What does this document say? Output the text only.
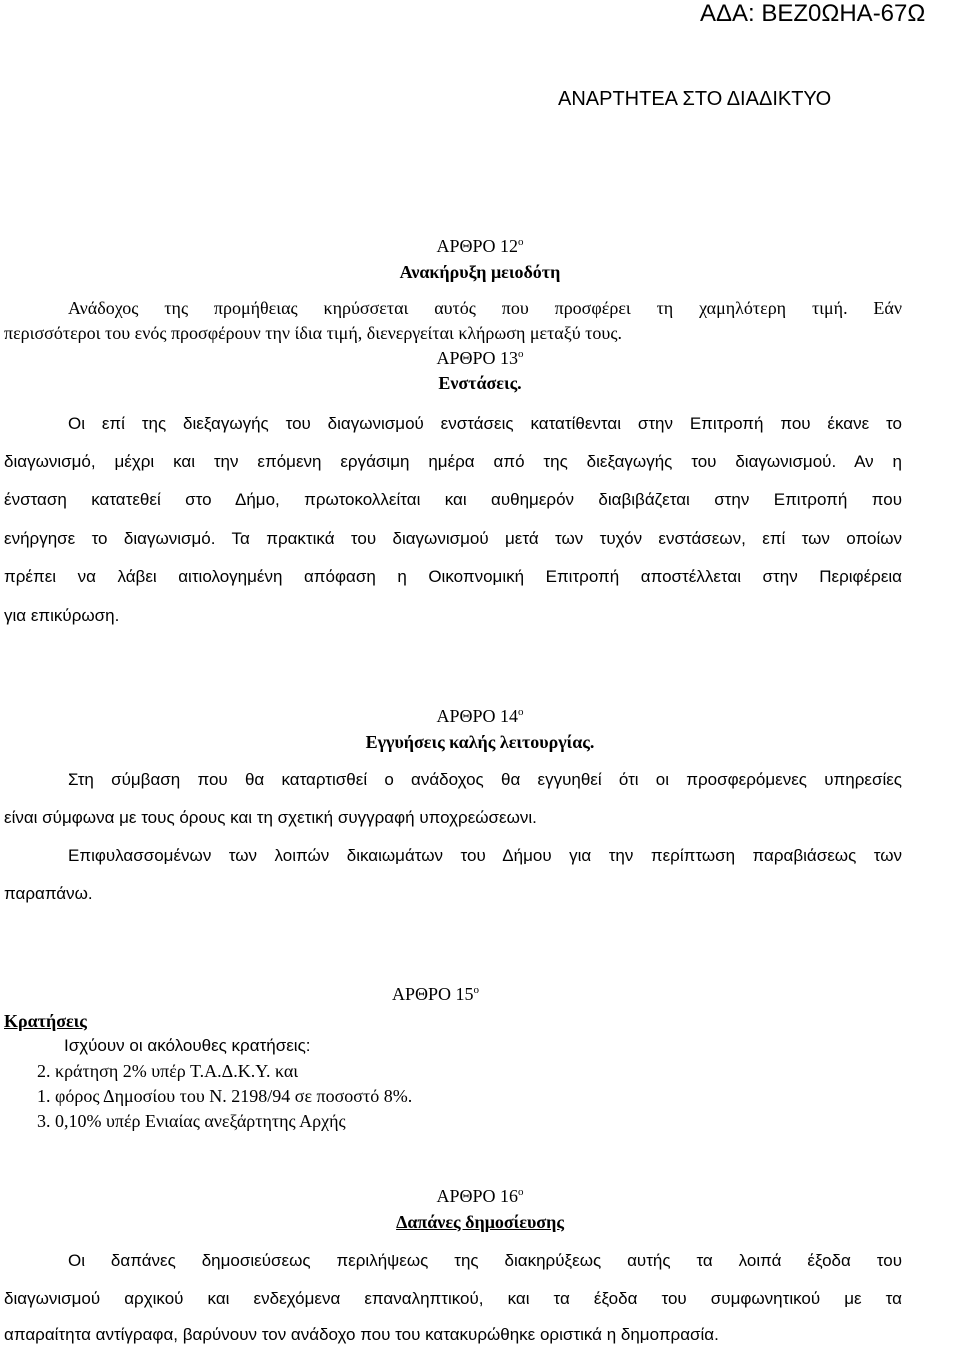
ΑΔΑ: ΒΕΖ0ΩΗΑ-67Ω
ΑΝΑΡΤΗΤΕΑ ΣΤΟ ΔΙΑΔΙΚΤΥΟ
ΑΡΘΡΟ $12^o$
Ανακήρυξη μειοδότη
Ανάδοχος της προμήθειας κηρύσσεται αυτός που προσφέρει τη χαμηλότερη τιμή. Εάν
περισσότεροι του ενός προσφέρουν την ίδια τιμή, διενεργείται κλήρωση μεταξύ τους.
ΑΡΘΡΟ $13^o$
Ενστάσεις.
Οι επί της διεξαγωγής του διαγωνισμού ενστάσεις κατατίθενται στην Επιτροπή που έκανε το
διαγωνισμό, μέχρι και την επόμενη εργάσιμη ημέρα από της διεξαγωγής του διαγωνισμού. Αν η
ένσταση κατατεθεί στο Δήμο, πρωτοκολλείται και αυθημερόν διαβιβάζεται στην Επιτροπή που
ενήργησε το διαγωνισμό. Τα πρακτικά του διαγωνισμού μετά των τυχόν ενστάσεων, επί των οποίων
πρέπει να λάβει αιτιολογημένη απόφαση η Οικοπνομική Επιτροπή αποστέλλεται στην Περιφέρεια
για επικύρωση.
ΑΡΘΡΟ $14^o$
Εγγυήσεις καλής λειτουργίας.
Στη σύμβαση που θα καταρτισθεί ο ανάδοχος θα εγγυηθεί ότι οι προσφερόμενες υπηρεσίες
είναι σύμφωνα με τους όρους και τη σχετική συγγραφή υποχρεώσεωνι.
Επιφυλασσομένων των λοιπών δικαιωμάτων του Δήμου για την περίπτωση παραβιάσεως των
παραπάνω.
ΑΡΘΡΟ $15^o$
Κρατήσεις
Ισχύουν οι ακόλουθες κρατήσεις:
2. κράτηση 2% υπέρ Τ.Α.Δ.Κ.Υ. και
1. φόρος Δημοσίου του Ν. 2198/94 σε ποσοστό 8%.
3. 0,10% υπέρ Ενιαίας ανεξάρτητης Αρχής
ΑΡΘΡΟ $16^o$
Δαπάνες δημοσίευσης
Οι δαπάνες δημοσιεύσεως περιλήψεως της διακηρύξεως αυτής τα λοιπά έξοδα του
διαγωνισμού αρχικού και ενδεχόμενα επαναληπτικού, και τα έξοδα του συμφωνητικού με τα
απαραίτητα αντίγραφα, βαρύνουν τον ανάδοχο που του κατακυρώθηκε οριστικά η δημοπρασία.
